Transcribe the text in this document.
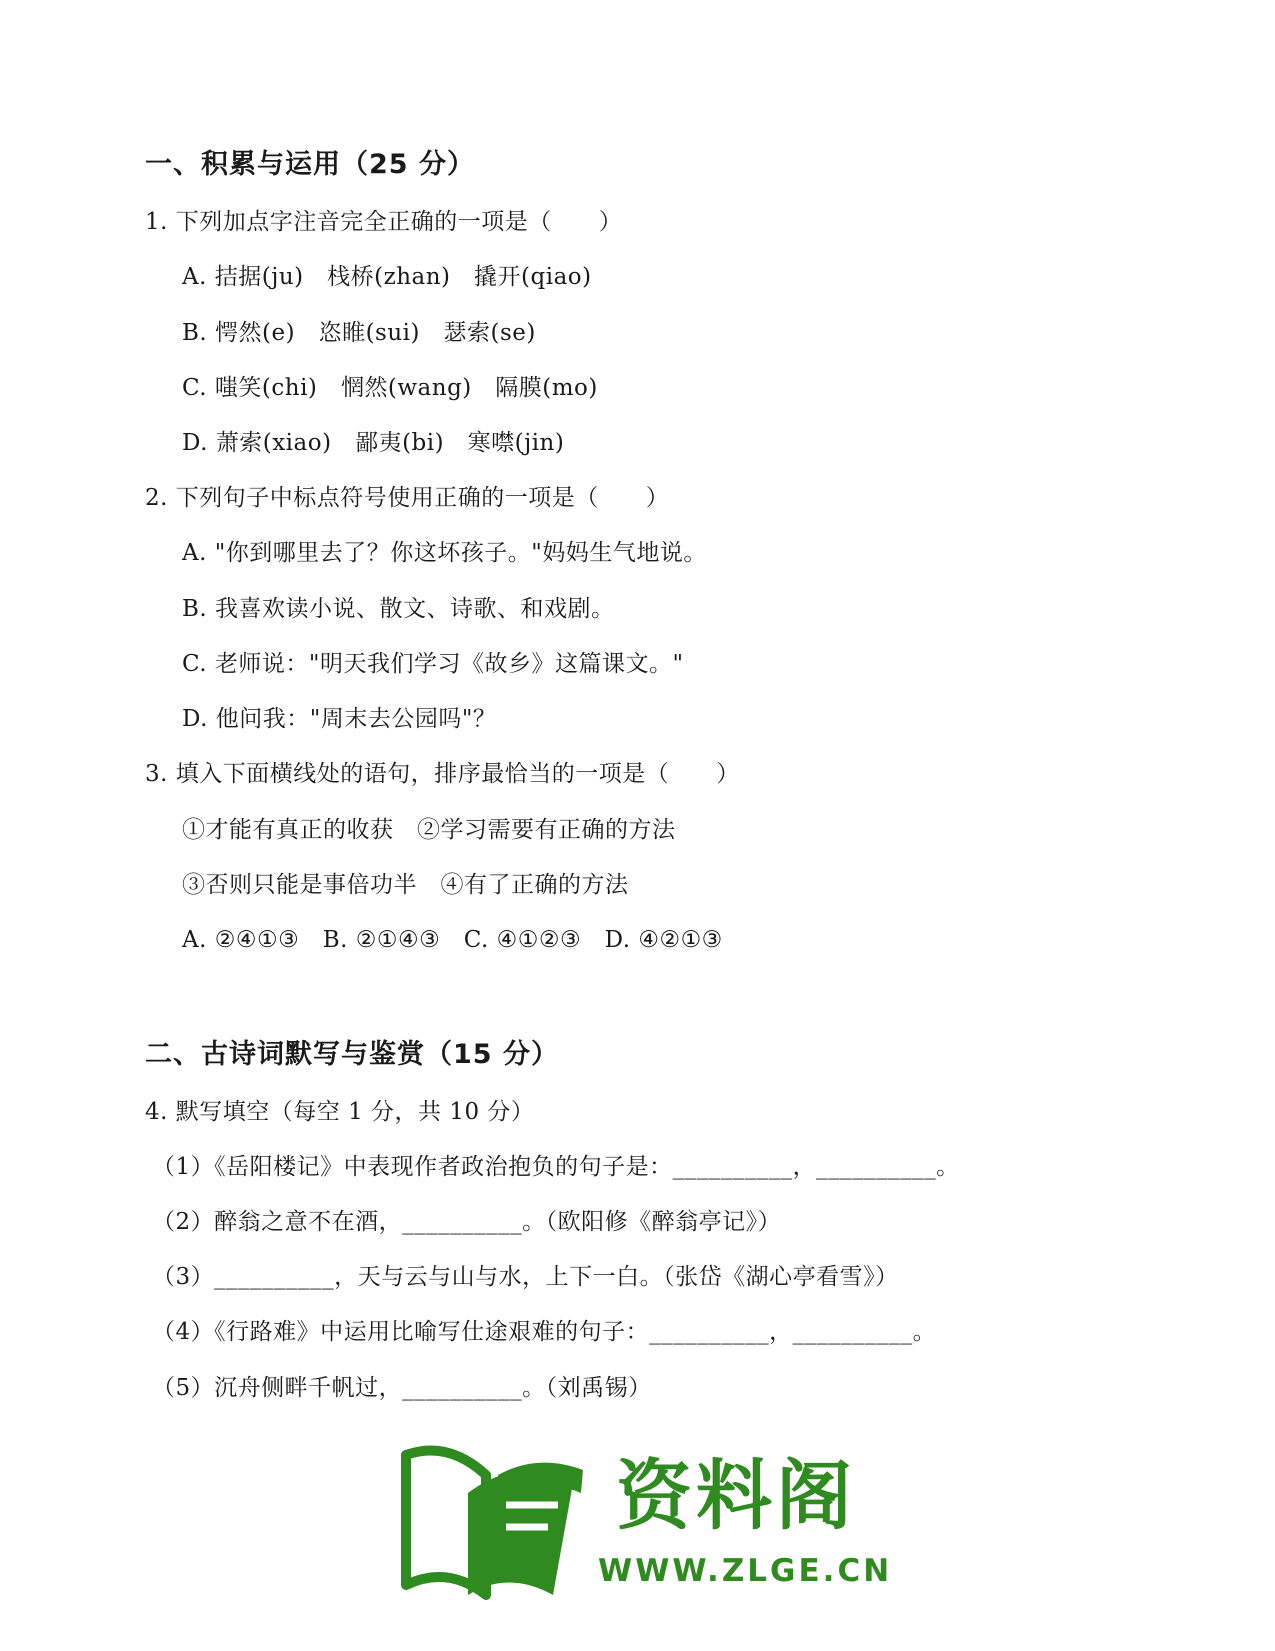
一、积累与运用（25 分）
1. 下列加点字注音完全正确的一项是（　　）
A. 拮据(ju)　栈桥(zhan)　撬开(qiao)
B. 愕然(e)　恣睢(sui)　瑟索(se)
C. 嗤笑(chi)　惘然(wang)　隔膜(mo)
D. 萧索(xiao)　鄙夷(bi)　寒噤(jin)
2. 下列句子中标点符号使用正确的一项是（　　）
A. "你到哪里去了？你这坏孩子。"妈妈生气地说。
B. 我喜欢读小说、散文、诗歌、和戏剧。
C. 老师说："明天我们学习《故乡》这篇课文。"
D. 他问我："周末去公园吗"？
3. 填入下面横线处的语句，排序最恰当的一项是（　　）
①才能有真正的收获　②学习需要有正确的方法
③否则只能是事倍功半　④有了正确的方法
A. ②④①③　B. ②①④③　C. ④①②③　D. ④②①③
二、古诗词默写与鉴赏（15 分）
4. 默写填空（每空 1 分，共 10 分）
（1）《岳阳楼记》中表现作者政治抱负的句子是：__________，__________。
（2）醉翁之意不在酒，__________。（欧阳修《醉翁亭记》）
（3）__________，天与云与山与水，上下一白。（张岱《湖心亭看雪》）
（4）《行路难》中运用比喻写仕途艰难的句子：__________，__________。
（5）沉舟侧畔千帆过，__________。（刘禹锡）
资料阁
WWW.ZLGE.CN
